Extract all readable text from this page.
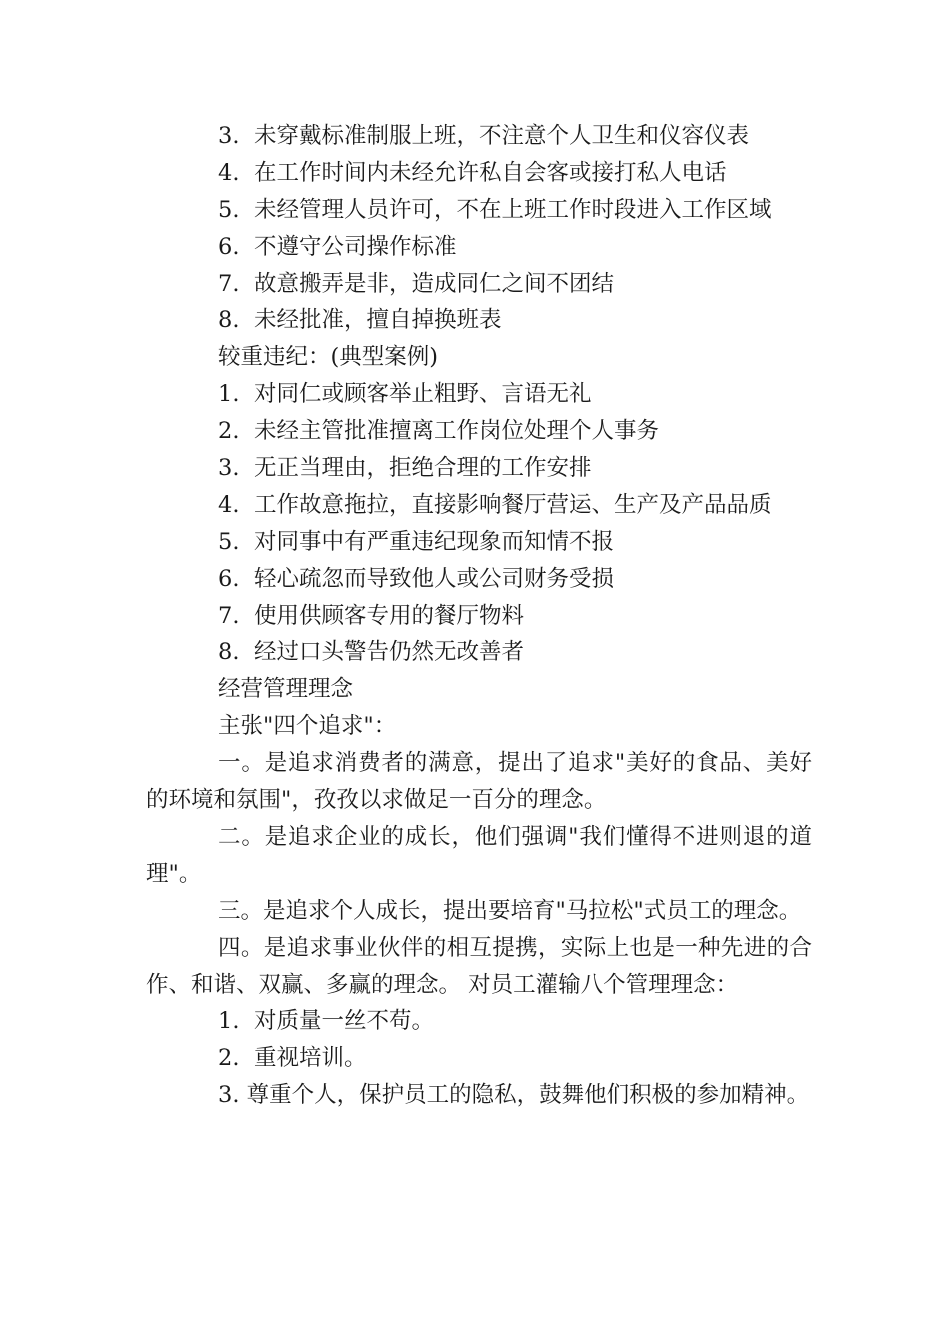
3. 未穿戴标准制服上班，不注意个人卫生和仪容仪表
4. 在工作时间内未经允许私自会客或接打私人电话
5. 未经管理人员许可，不在上班工作时段进入工作区域
6. 不遵守公司操作标准
7. 故意搬弄是非，造成同仁之间不团结
8. 未经批准，擅自掉换班表
较重违纪：(典型案例)
1. 对同仁或顾客举止粗野、言语无礼
2. 未经主管批准擅离工作岗位处理个人事务
3. 无正当理由，拒绝合理的工作安排
4. 工作故意拖拉，直接影响餐厅营运、生产及产品品质
5. 对同事中有严重违纪现象而知情不报
6. 轻心疏忽而导致他人或公司财务受损
7. 使用供顾客专用的餐厅物料
8. 经过口头警告仍然无改善者
经营管理理念
主张"四个追求"：

一。是追求消费者的满意，提出了追求"美好的食品、美好的环境和氛围"，孜孜以求做足一百分的理念。

二。是追求企业的成长，他们强调"我们懂得不进则退的道理"。

三。是追求个人成长，提出要培育"马拉松"式员工的理念。

四。是追求事业伙伴的相互提携，实际上也是一种先进的合作、和谐、双赢、多赢的理念。 对员工灌输八个管理理念：

1. 对质量一丝不苟。
2. 重视培训。

3. 尊重个人，保护员工的隐私，鼓舞他们积极的参加精神。
